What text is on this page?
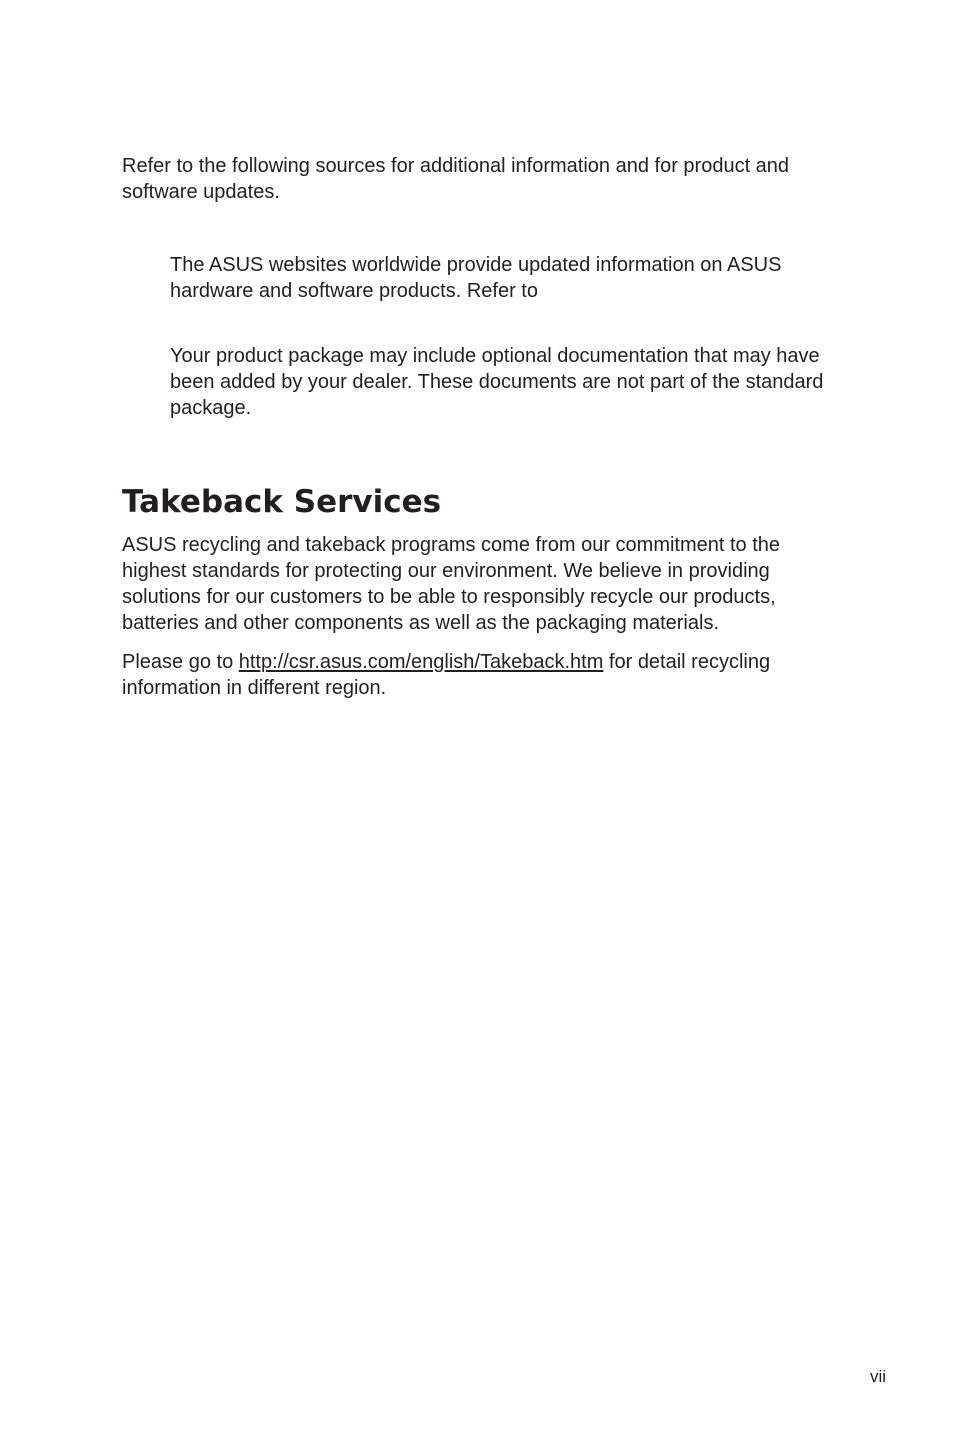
Refer to the following sources for additional information and for product and software updates.

The ASUS websites worldwide provide updated information on ASUS hardware and software products. Refer to

Your product package may include optional documentation that may have been added by your dealer. These documents are not part of the standard package.

Takeback Services

ASUS recycling and takeback programs come from our commitment to the highest standards for protecting our environment. We believe in providing solutions for our customers to be able to responsibly recycle our products, batteries and other components as well as the packaging materials.

Please go to http://csr.asus.com/english/Takeback.htm for detail recycling information in different region.

vii
